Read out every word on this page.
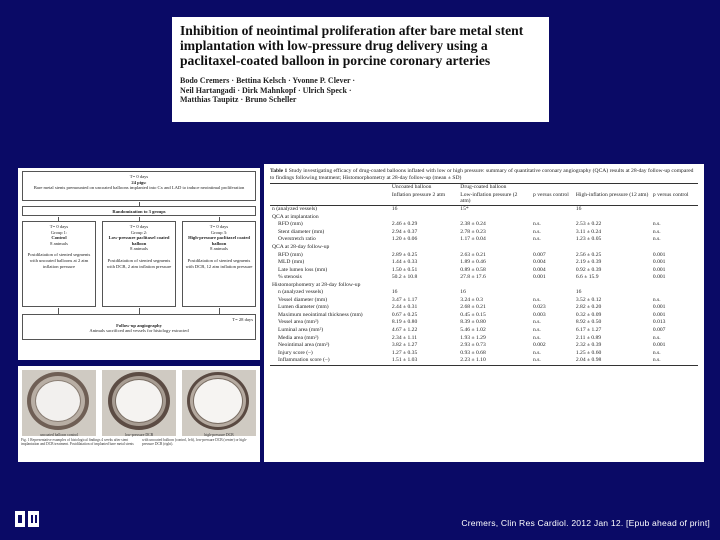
Inhibition of neointimal proliferation after bare metal stent implantation with low-pressure drug delivery using a paclitaxel-coated balloon in porcine coronary arteries
Bodo Cremers · Bettina Kelsch · Yvonne P. Clever ·
Neil Hartangadi · Dirk Mahnkopf · Ulrich Speck ·
Matthias Taupitz · Bruno Scheller
T= 0 days
24 pigs:
Bare metal stents premounted on uncoated balloons implanted into Cx and LAD to induce neointimal proliferation
Randomization to 3 groups
T= 0 days
Group 1:
Control
8 animals
Postdilatation of stented segments with uncoated balloons at 2 atm inflation pressure
T= 0 days
Group 2:
Low-pressure paclitaxel coated balloon
8 animals
Postdilatation of stented segments with DCB, 2 atm inflation pressure
T= 0 days
Group 3:
High-pressure paclitaxel coated balloon
8 animals
Postdilatation of stented segments with DCB, 12 atm inflation pressure
T= 28 days
Follow-up angiography
Animals sacrificed and vessels for histology extracted
uncoated balloon control	low-pressure DCB	high-pressure DCB
Fig. 1 Representative examples of histological findings 4 weeks after stent implantation and DCB treatment. Postdilatation of implanted bare metal stents with uncoated balloon (control, left), low-pressure DCB (center) or high-pressure DCB (right).
Table 1 Study investigating efficacy of drug-coated balloons inflated with low or high pressure: summary of quantitative coronary angiography (QCA) results at 28-day follow-up compared to findings following treatment; Histomorphometry at 28-day follow-up (mean ± SD)
	Uncoated balloon	Drug-coated balloon			
	Inflation pressure 2 atm	Low-inflation pressure (2 atm)	p versus control	High-inflation pressure (12 atm)	p versus control
n (analyzed vessels)	16	15*		16	
QCA at implantation					
RFD (mm)	2.46 ± 0.29	2.38 ± 0.24	n.s.	2.53 ± 0.22	n.s.
Stent diameter (mm)	2.94 ± 0.37	2.78 ± 0.23	n.s.	3.11 ± 0.24	n.s.
Overstretch ratio	1.20 ± 0.06	1.17 ± 0.04	n.s.	1.23 ± 0.05	n.s.
QCA at 28-day follow-up					
RFD (mm)	2.89 ± 0.25	2.63 ± 0.21	0.007	2.56 ± 0.25	0.001
MLD (mm)	1.44 ± 0.33	1.89 ± 0.46	0.004	2.19 ± 0.39	0.001
Late lumen loss (mm)	1.50 ± 0.51	0.89 ± 0.58	0.004	0.92 ± 0.39	0.001
% stenosis	50.2 ± 10.8	27.8 ± 17.6	0.001	6.6 ± 15.9	0.001
Histomorphometry at 28-day follow-up					
n (analyzed vessels)	16	16		16	
Vessel diameter (mm)	3.47 ± 1.17	3.24 ± 0.3	n.s.	3.52 ± 0.12	n.s.
Lumen diameter (mm)	2.44 ± 0.31	2.68 ± 0.21	0.023	2.82 ± 0.20	0.001
Maximum neointimal thickness (mm)	0.67 ± 0.25	0.45 ± 0.15	0.003	0.32 ± 0.09	0.001
Vessel area (mm²)	8.19 ± 0.80	8.39 ± 0.80	n.s.	8.92 ± 0.50	0.013
Luminal area (mm²)	4.67 ± 1.22	5.46 ± 1.02	n.s.	6.17 ± 1.27	0.007
Media area (mm²)	2.34 ± 1.11	1.93 ± 1.29	n.s.	2.11 ± 0.89	n.s.
Neointimal area (mm²)	3.82 ± 1.27	2.93 ± 0.73	0.002	2.32 ± 0.39	0.001
Injury score (–)	1.27 ± 0.35	0.93 ± 0.68	n.s.	1.25 ± 0.60	n.s.
Inflammation score (–)	1.51 ± 1.03	2.23 ± 1.10	n.s.	2.04 ± 0.98	n.s.
Cremers, Clin Res Cardiol. 2012 Jan 12. [Epub ahead of print]
